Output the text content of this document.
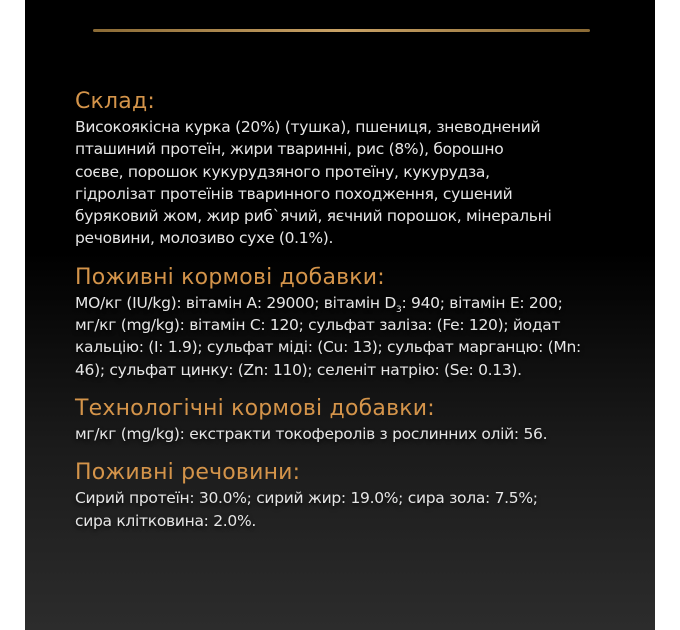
Склад:

Високоякісна курка (20%) (тушка), пшениця, зневоднений
пташиний протеїн, жири тваринні, рис (8%), борошно
соєве, порошок кукурудзяного протеїну, кукурудза,
гідролізат протеїнів тваринного походження, сушений
буряковий жом, жир риб`ячий, яєчний порошок, мінеральні
речовини, молозиво сухе (0.1%).

Поживні кормові добавки:

МО/кг (IU/kg): вітамін А: 29000; вітамін $D_3$: 940; вітамін Е: 200;
мг/кг (mg/kg): вітамін С: 120; сульфат заліза: (Fe: 120); йодат
кальцію: (I: 1.9); сульфат міді: (Cu: 13); сульфат марганцю: (Mn:
46); сульфат цинку: (Zn: 110); селеніт натрію: (Se: 0.13).

Технологічні кормові добавки:

мг/кг (mg/kg): екстракти токоферолів з рослинних олій: 56.

Поживні речовини:

Сирий протеїн: 30.0%; сирий жир: 19.0%; сира зола: 7.5%;
сира клітковина: 2.0%.
